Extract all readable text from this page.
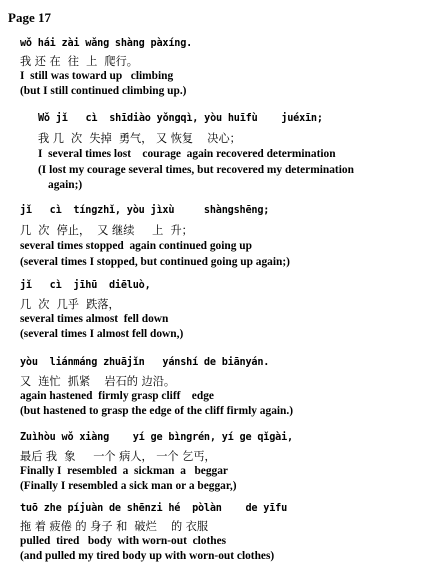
Page 17
wǒ hái zài wǎng shàng pàxíng.
我 还 在  往  上  爬行。
I  still was toward up   climbing
(but I still continued climbing up.)
Wǒ jǐ   cì  shīdiào yǒngqì, yòu huīfù    juéxīn;
我 几  次  失掉  勇气， 又 恢复    决心；
I  several times lost    courage  again recovered determination
(I lost my courage several times, but recovered my determination
again;)
jǐ   cì  tíngzhǐ, yòu jìxù     shàngshēng;
几  次  停止，  又 继续     上  升；
several times stopped  again continued going up
(several times I stopped, but continued going up again;)
jǐ   cì  jīhū  diēluò,
几  次  几乎  跌落，
several times almost  fell down
(several times I almost fell down,)
yòu  liánmáng zhuājǐn   yánshí de biānyán.
又  连忙  抓紧    岩石的 边沿。
again hastened  firmly grasp cliff    edge
(but hastened to grasp the edge of the cliff firmly again.)
Zuìhòu wǒ xiàng    yí ge bìngrén, yí ge qǐgài,
最后 我  象     一个 病人， 一个 乞丐，
Finally I  resembled  a  sickman  a   beggar
(Finally I resembled a sick man or a beggar,)
tuō zhe píjuàn de shēnzi hé  pòlàn    de yīfu
拖 着 疲倦 的 身子 和  破烂    的 衣服
pulled  tired   body  with worn-out  clothes
(and pulled my tired body up with worn-out clothes)
